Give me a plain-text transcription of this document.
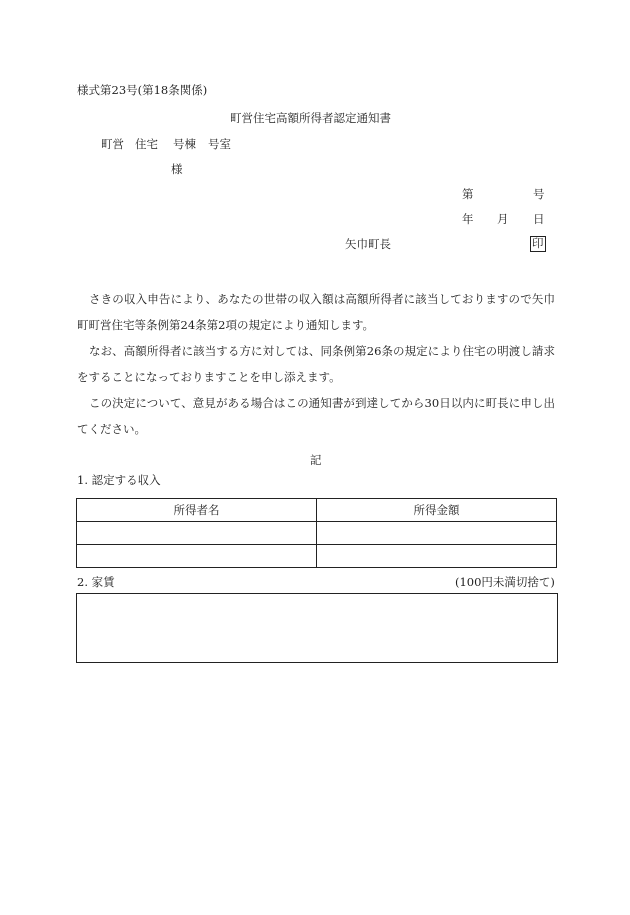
様式第23号(第18条関係)
町営住宅高額所得者認定通知書
町営 住宅 号棟 号室
様
第	号
年 月 日
矢巾町長	印

さきの収入申告により、あなたの世帯の収入額は高額所得者に該当しておりますので矢巾町町営住宅等条例第24条第2項の規定により通知します。

なお、高額所得者に該当する方に対しては、同条例第26条の規定により住宅の明渡し請求をすることになっておりますことを申し添えます。

この決定について、意見がある場合はこの通知書が到達してから30日以内に町長に申し出てください。

記
1. 認定する収入
所得者名	所得金額

2. 家賃	(100円未満切捨て)
